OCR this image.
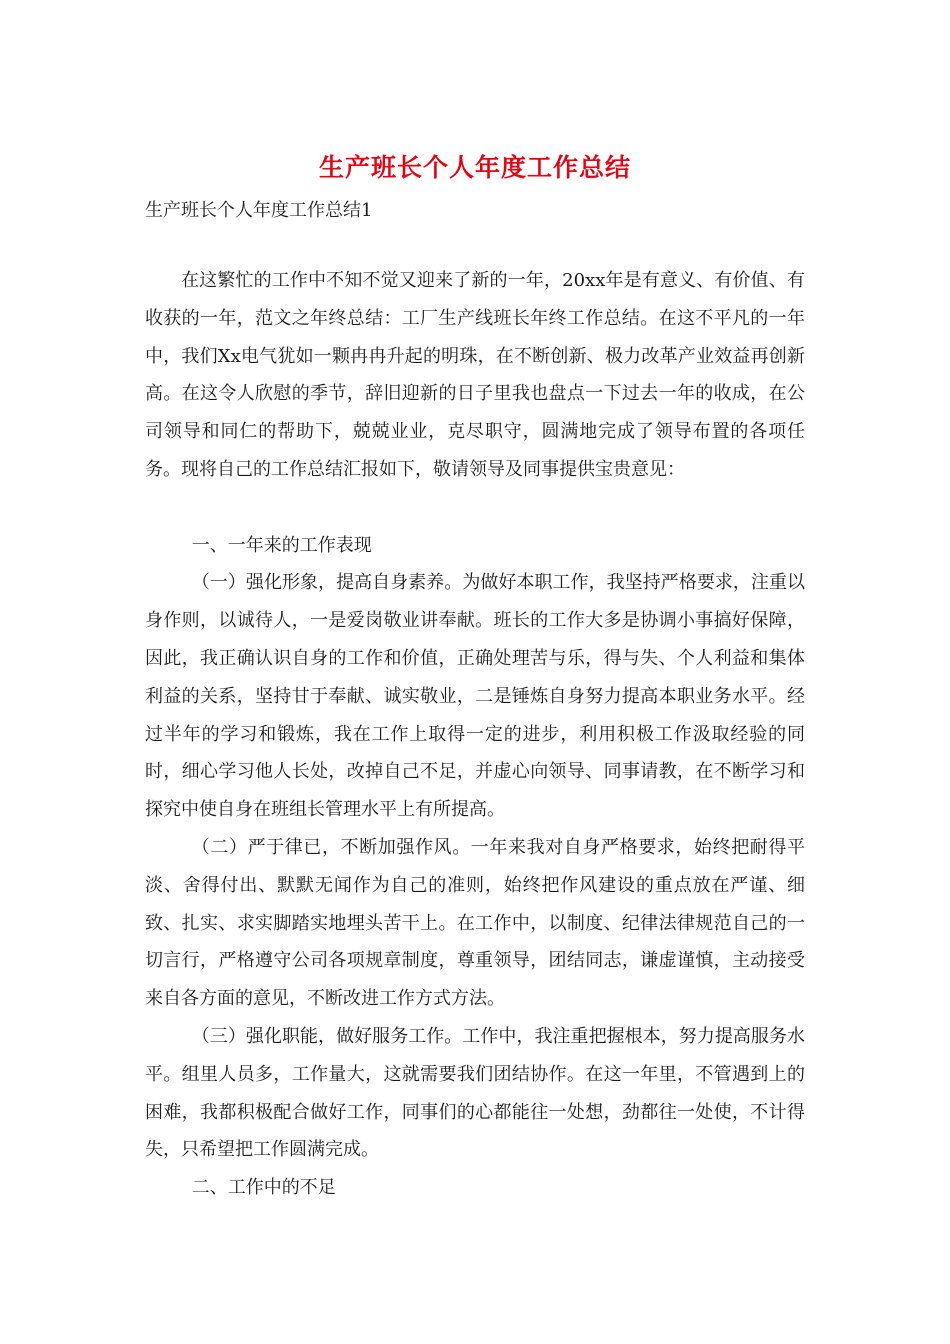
生产班长个人年度工作总结

生产班长个人年度工作总结1

在这繁忙的工作中不知不觉又迎来了新的一年，20xx年是有意义、有价值、有收获的一年，范文之年终总结：工厂生产线班长年终工作总结。在这不平凡的一年中，我们Xx电气犹如一颗冉冉升起的明珠，在不断创新、极力改革产业效益再创新高。在这令人欣慰的季节，辞旧迎新的日子里我也盘点一下过去一年的收成，在公司领导和同仁的帮助下，兢兢业业，克尽职守，圆满地完成了领导布置的各项任务。现将自己的工作总结汇报如下，敬请领导及同事提供宝贵意见：

一、一年来的工作表现

（一）强化形象，提高自身素养。为做好本职工作，我坚持严格要求，注重以身作则，以诚待人，一是爱岗敬业讲奉献。班长的工作大多是协调小事搞好保障，因此，我正确认识自身的工作和价值，正确处理苦与乐，得与失、个人利益和集体利益的关系，坚持甘于奉献、诚实敬业，二是锤炼自身努力提高本职业务水平。经过半年的学习和锻炼，我在工作上取得一定的进步，利用积极工作汲取经验的同时，细心学习他人长处，改掉自己不足，并虚心向领导、同事请教，在不断学习和探究中使自身在班组长管理水平上有所提高。

（二）严于律已，不断加强作风。一年来我对自身严格要求，始终把耐得平淡、舍得付出、默默无闻作为自己的准则，始终把作风建设的重点放在严谨、细致、扎实、求实脚踏实地埋头苦干上。在工作中，以制度、纪律法律规范自己的一切言行，严格遵守公司各项规章制度，尊重领导，团结同志，谦虚谨慎，主动接受来自各方面的意见，不断改进工作方式方法。

（三）强化职能，做好服务工作。工作中，我注重把握根本，努力提高服务水平。组里人员多，工作量大，这就需要我们团结协作。在这一年里，不管遇到上的困难，我都积极配合做好工作，同事们的心都能往一处想，劲都往一处使，不计得失，只希望把工作圆满完成。

二、工作中的不足
